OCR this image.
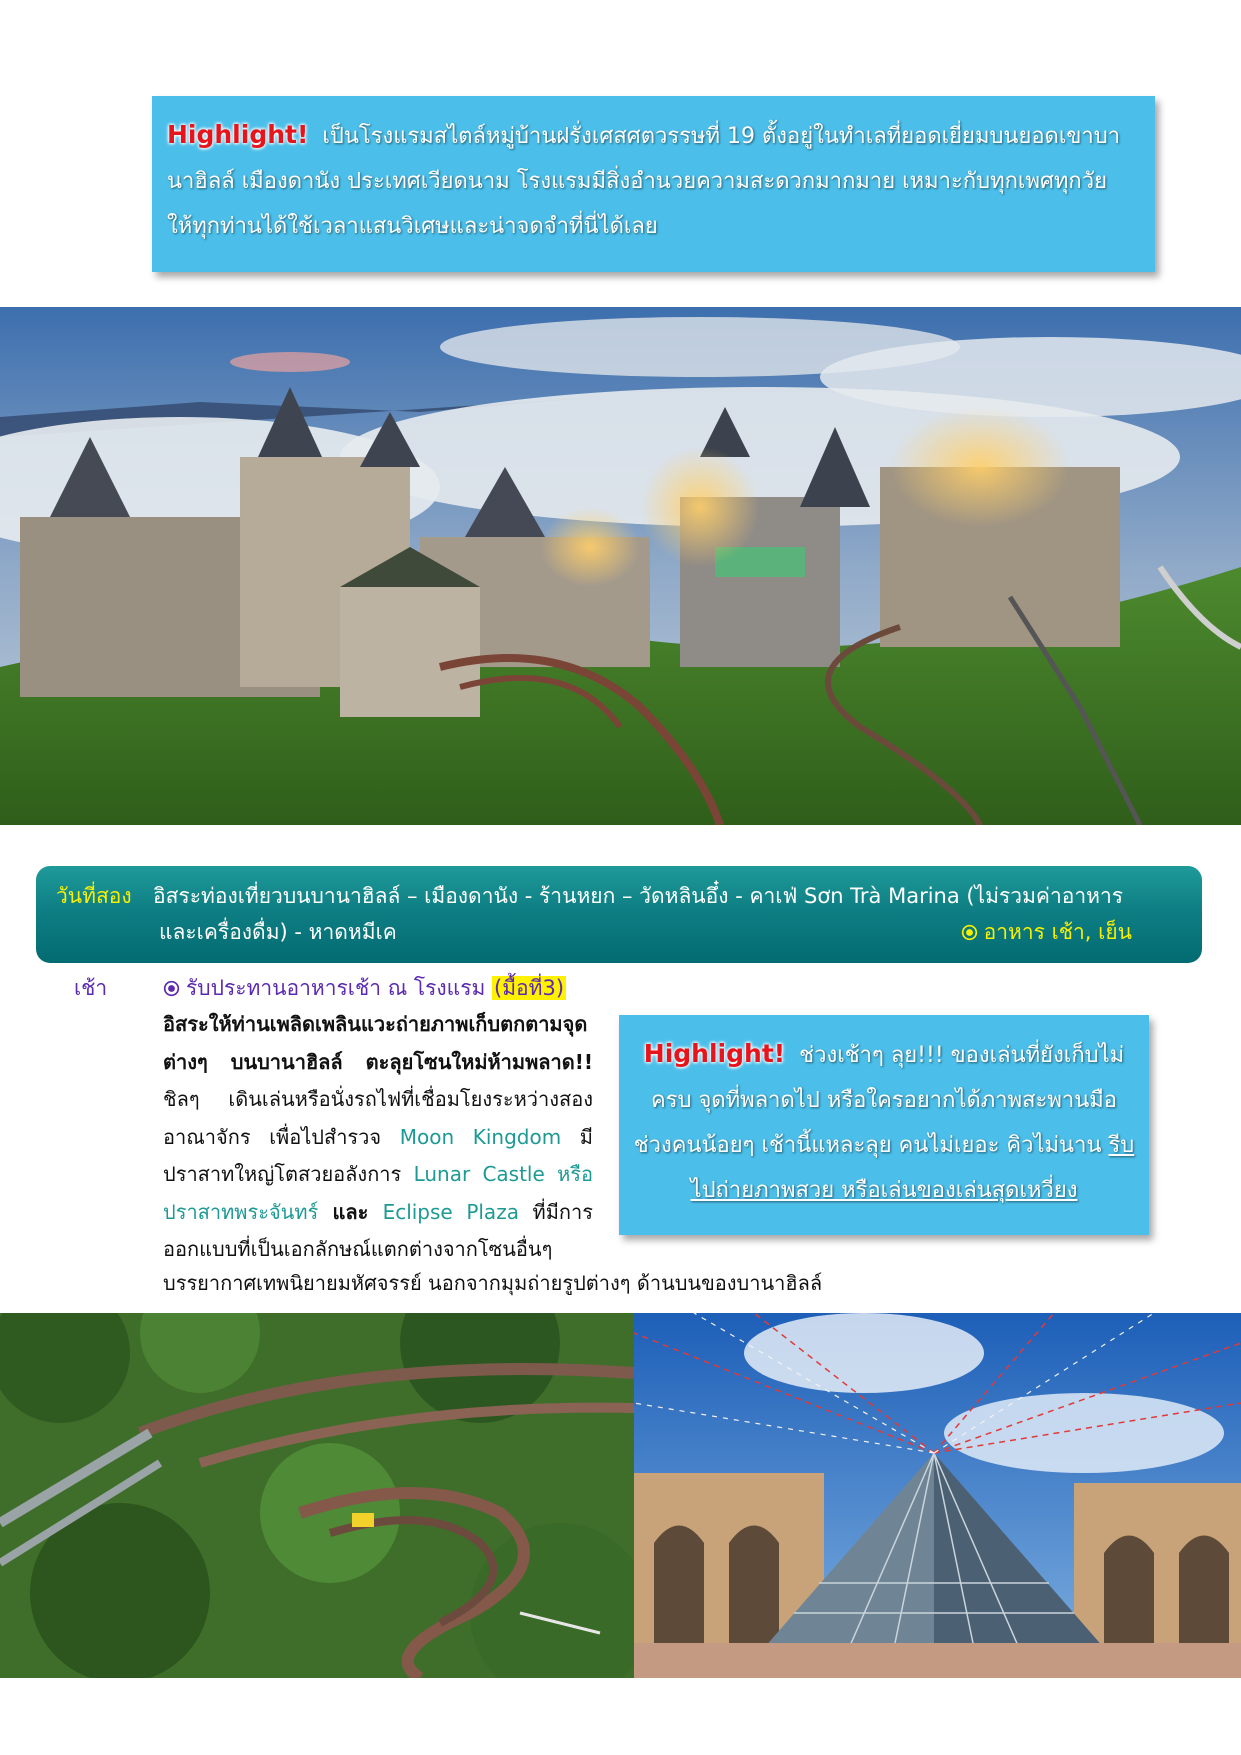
Highlight! เป็นโรงแรมสไตล์หมู่บ้านฝรั่งเศสศตวรรษที่ 19 ตั้งอยู่ในทำเลที่ยอดเยี่ยมบนยอดเขาบานาฮิลล์ เมืองดานัง ประเทศเวียดนาม โรงแรมมีสิ่งอำนวยความสะดวกมากมาย เหมาะกับทุกเพศทุกวัย ให้ทุกท่านได้ใช้เวลาแสนวิเศษและน่าจดจำที่นี่ได้เลย
วันที่สอง อิสระท่องเที่ยวบนบานาฮิลล์ – เมืองดานัง - ร้านหยก – วัดหลินอึ๋ง - คาเฟ่ Sơn Trà Marina (ไม่รวมค่าอาหาร
และเครื่องดื่ม) - หาดหมีเค	อาหาร เช้า, เย็น
เช้า	รับประทานอาหารเช้า ณ โรงแรม (มื้อที่3)
อิสระให้ท่านเพลิดเพลินแวะถ่ายภาพเก็บตกตามจุดต่างๆ บนบานาฮิลล์ ตะลุยโซนใหม่ห้ามพลาด!! ชิลๆ เดินเล่นหรือนั่งรถไฟที่เชื่อมโยงระหว่างสองอาณาจักร เพื่อไปสำรวจ Moon Kingdom มีปราสาทใหญ่โตสวยอลังการ Lunar Castle หรือปราสาทพระจันทร์ และ Eclipse Plaza ที่มีการออกแบบที่เป็นเอกลักษณ์แตกต่างจากโซนอื่นๆ
บรรยากาศเทพนิยายมหัศจรรย์ นอกจากมุมถ่ายรูปต่างๆ ด้านบนของบานาฮิลล์
Highlight! ช่วงเช้าๆ ลุย!!! ของเล่นที่ยังเก็บไม่ครบ จุดที่พลาดไป หรือใครอยากได้ภาพสะพานมือ ช่วงคนน้อยๆ เช้านี้แหละลุย คนไม่เยอะ คิวไม่นาน รีบไปถ่ายภาพสวย หรือเล่นของเล่นสุดเหวี่ยง
